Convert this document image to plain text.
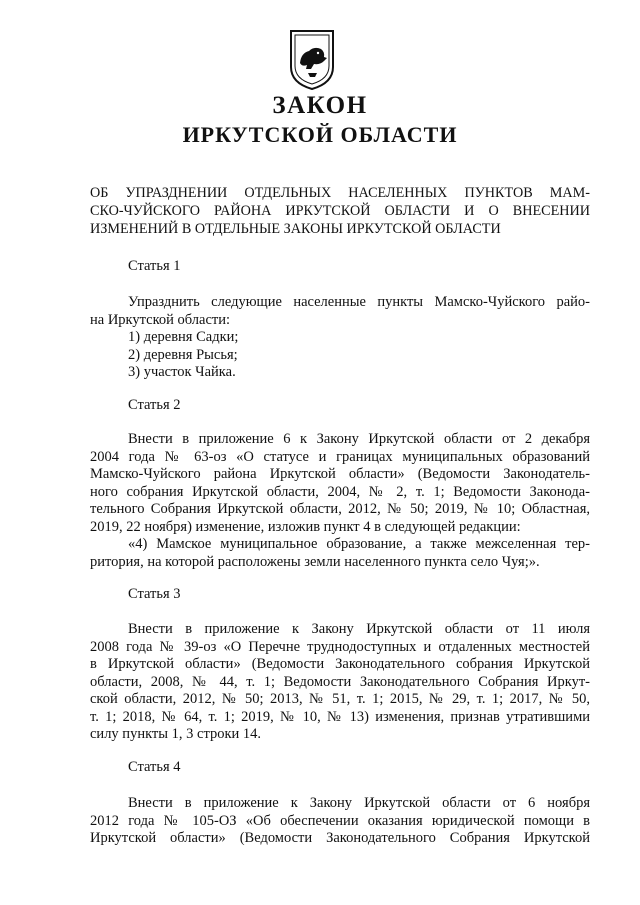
ЗАКОН
ИРКУТСКОЙ ОБЛАСТИ
ОБ УПРАЗДНЕНИИ ОТДЕЛЬНЫХ НАСЕЛЕННЫХ ПУНКТОВ МАМ-
СКО-ЧУЙСКОГО РАЙОНА ИРКУТСКОЙ ОБЛАСТИ И О ВНЕСЕНИИ
ИЗМЕНЕНИЙ В ОТДЕЛЬНЫЕ ЗАКОНЫ ИРКУТСКОЙ ОБЛАСТИ
Статья 1
Упразднить следующие населенные пункты Мамско-Чуйского райо-
на Иркутской области:
1) деревня Садки;
2) деревня Рысья;
3) участок Чайка.
Статья 2
Внести в приложение 6 к Закону Иркутской области от 2 декабря
2004 года № 63-оз «О статусе и границах муниципальных образований
Мамско-Чуйского района Иркутской области» (Ведомости Законодатель-
ного собрания Иркутской области, 2004, № 2, т. 1; Ведомости Законода-
тельного Собрания Иркутской области, 2012, № 50; 2019, № 10; Областная,
2019, 22 ноября) изменение, изложив пункт 4 в следующей редакции:
«4) Мамское муниципальное образование, а также межселенная тер-
ритория, на которой расположены земли населенного пункта село Чуя;».
Статья 3
Внести в приложение к Закону Иркутской области от 11 июля
2008 года № 39-оз «О Перечне труднодоступных и отдаленных местностей
в Иркутской области» (Ведомости Законодательного собрания Иркутской
области, 2008, № 44, т. 1; Ведомости Законодательного Собрания Иркут-
ской области, 2012, № 50; 2013, № 51, т. 1; 2015, № 29, т. 1; 2017, № 50,
т. 1; 2018, № 64, т. 1; 2019, № 10, № 13) изменения, признав утратившими
силу пункты 1, 3 строки 14.
Статья 4
Внести в приложение к Закону Иркутской области от 6 ноября
2012 года № 105-ОЗ «Об обеспечении оказания юридической помощи в
Иркутской области» (Ведомости Законодательного Собрания Иркутской
